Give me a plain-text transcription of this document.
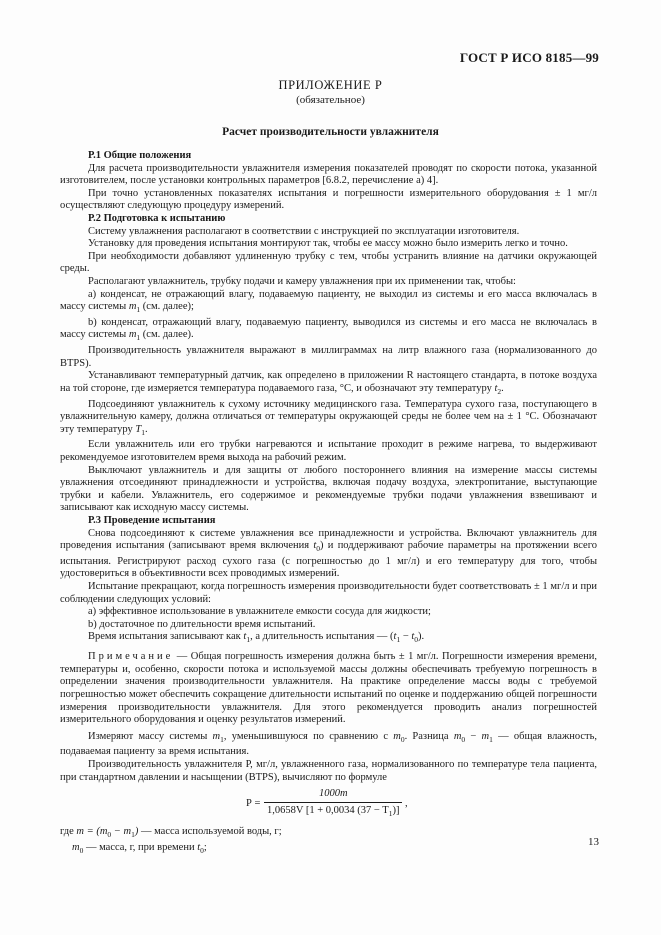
ГОСТ Р ИСО 8185—99
ПРИЛОЖЕНИЕ Р
(обязательное)
Расчет производительности увлажнителя
Р.1 Общие положения

Для расчета производительности увлажнителя измерения показателей проводят по скорости потока, указанной изготовителем, после установки контрольных параметров [6.8.2, перечисление а) 4].

При точно установленных показателях испытания и погрешности измерительного оборудования ± 1 мг/л осуществляют следующую процедуру измерений.

Р.2 Подготовка к испытанию

Систему увлажнения располагают в соответствии с инструкцией по эксплуатации изготовителя.

Установку для проведения испытания монтируют так, чтобы ее массу можно было измерить легко и точно.

При необходимости добавляют удлиненную трубку с тем, чтобы устранить влияние на датчики окружающей среды.

Располагают увлажнитель, трубку подачи и камеру увлажнения при их применении так, чтобы:

а) конденсат, не отражающий влагу, подаваемую пациенту, не выходил из системы и его масса включалась в массу системы $m_1$ (см. далее);

b) конденсат, отражающий влагу, подаваемую пациенту, выводился из системы и его масса не включалась в массу системы $m_1$ (см. далее).

Производительность увлажнителя выражают в миллиграммах на литр влажного газа (нормализованного до BTPS).

Устанавливают температурный датчик, как определено в приложении R настоящего стандарта, в потоке воздуха на той стороне, где измеряется температура подаваемого газа, °С, и обозначают эту температуру $t_2$.

Подсоединяют увлажнитель к сухому источнику медицинского газа. Температура сухого газа, поступающего в увлажнительную камеру, должна отличаться от температуры окружающей среды не более чем на ± 1 °С. Обозначают эту температуру $T_1$.

Если увлажнитель или его трубки нагреваются и испытание проходит в режиме нагрева, то выдерживают рекомендуемое изготовителем время выхода на рабочий режим.

Выключают увлажнитель и для защиты от любого постороннего влияния на измерение массы системы увлажнения отсоединяют принадлежности и устройства, включая подачу воздуха, электропитание, выступающие трубки и кабели. Увлажнитель, его содержимое и рекомендуемые трубки подачи увлажнения взвешивают и записывают как исходную массу системы.

Р.3 Проведение испытания

Снова подсоединяют к системе увлажнения все принадлежности и устройства. Включают увлажнитель для проведения испытания (записывают время включения $t_0$) и поддерживают рабочие параметры на протяжении всего испытания. Регистрируют расход сухого газа (с погрешностью до 1 мг/л) и его температуру для того, чтобы удостовериться в объективности всех проводимых измерений.

Испытание прекращают, когда погрешность измерения производительности будет соответствовать ± 1 мг/л и при соблюдении следующих условий:

а) эффективное использование в увлажнителе емкости сосуда для жидкости;

b) достаточное по длительности время испытаний.

Время испытания записывают как $t_1$, а длительность испытания — $(t_1 - t_0)$.

Примечание — Общая погрешность измерения должна быть ± 1 мг/л. Погрешности измерения времени, температуры и, особенно, скорости потока и используемой массы должны обеспечивать требуемую погрешность в определении значения производительности увлажнителя. На практике определение массы воды с требуемой погрешностью может обеспечить сокращение длительности испытаний по оценке и поддержанию общей погрешности измерения производительности увлажнителя. Для этого рекомендуется проводить анализ погрешностей измерительного оборудования и оценку результатов измерений.

Измеряют массу системы $m_1$, уменьшившуюся по сравнению с $m_0$. Разница $m_0 - m_1$ — общая влажность, подаваемая пациенту за время испытания.

Производительность увлажнителя Р, мг/л, увлажненного газа, нормализованного по температуре тела пациента, при стандартном давлении и насыщении (BTPS), вычисляют по формуле

Р =
1000m
1,0658V [1 + 0,0034 $(37 - T_1)$]
,

где $m = (m_0 - m_1)$ — масса используемой воды, г;

$m_0$ — масса, г, при времени $t_0$;	13
